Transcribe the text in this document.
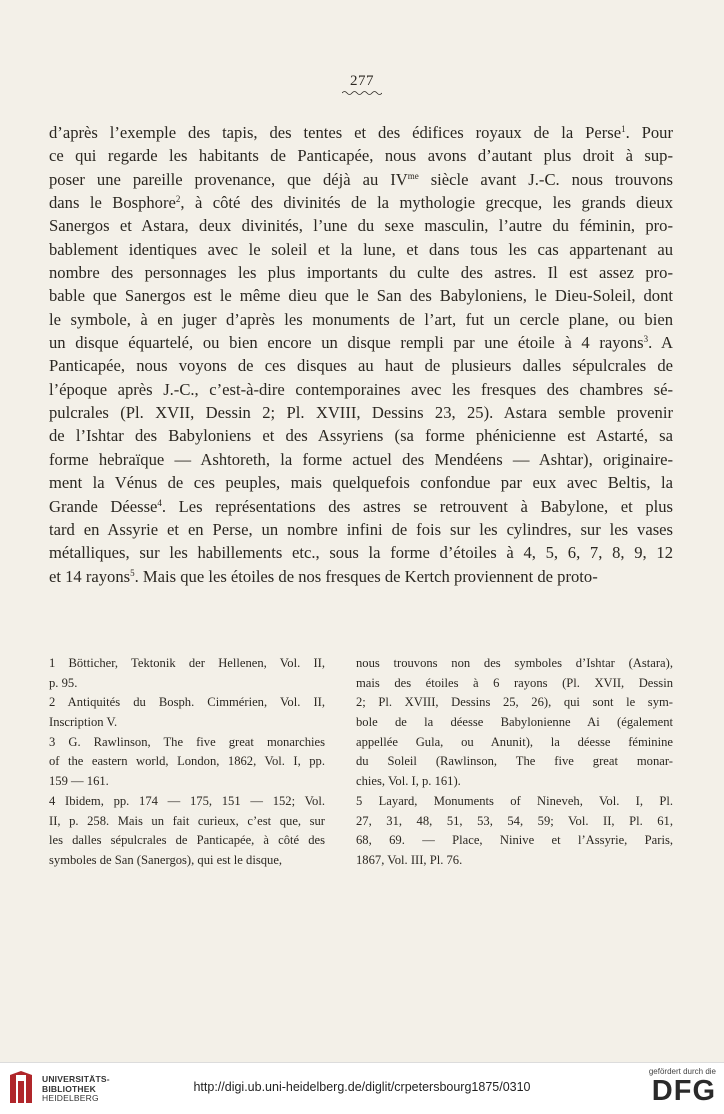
277
d’après l’exemple des tapis, des tentes et des édifices royaux de la Perse$^1$. Pour
ce qui regarde les habitants de Panticapée, nous avons d’autant plus droit à sup-
poser une pareille provenance, que déjà au $IV^{me}$ siècle avant J.-C. nous trouvons
dans le Bosphore$^2$, à côté des divinités de la mythologie grecque, les grands dieux
Sanergos et Astara, deux divinités, l’une du sexe masculin, l’autre du féminin, pro-
bablement identiques avec le soleil et la lune, et dans tous les cas appartenant au
nombre des personnages les plus importants du culte des astres. Il est assez pro-
bable que Sanergos est le même dieu que le San des Babyloniens, le Dieu-Soleil, dont
le symbole, à en juger d’après les monuments de l’art, fut un cercle plane, ou bien
un disque équartelé, ou bien encore un disque rempli par une étoile à 4 rayons$^3$. A
Panticapée, nous voyons de ces disques au haut de plusieurs dalles sépulcrales de
l’époque après J.-C., c’est-à-dire contemporaines avec les fresques des chambres sé-
pulcrales (Pl. XVII, Dessin 2; Pl. XVIII, Dessins 23, 25). Astara semble provenir
de l’Ishtar des Babyloniens et des Assyriens (sa forme phénicienne est Astarté, sa
forme hebraïque — Ashtoreth, la forme actuel des Mendéens — Ashtar), originaire-
ment la Vénus de ces peuples, mais quelquefois confondue par eux avec Beltis, la
Grande Déesse$^4$. Les représentations des astres se retrouvent à Babylone, et plus
tard en Assyrie et en Perse, un nombre infini de fois sur les cylindres, sur les vases
métalliques, sur les habillements etc., sous la forme d’étoiles à 4, 5, 6, 7, 8, 9, 12
et 14 rayons$^5$. Mais que les étoiles de nos fresques de Kertch proviennent de proto-
1 Bötticher, Tektonik der Hellenen, Vol. II,
p. 95.
2 Antiquités du Bosph. Cimmérien, Vol. II,
Inscription V.
3 G. Rawlinson, The five great monarchies
of the eastern world, London, 1862, Vol. I, pp.
159 — 161.
4 Ibidem, pp. 174 — 175, 151 — 152; Vol.
II, p. 258. Mais un fait curieux, c’est que, sur
les dalles sépulcrales de Panticapée, à côté des
symboles de San (Sanergos), qui est le disque,
nous trouvons non des symboles d’Ishtar (Astara),
mais des étoiles à 6 rayons (Pl. XVII, Dessin
2; Pl. XVIII, Dessins 25, 26), qui sont le sym-
bole de la déesse Babylonienne Ai (également
appellée Gula, ou Anunit), la déesse féminine
du Soleil (Rawlinson, The five great monar-
chies, Vol. I, p. 161).
5 Layard, Monuments of Nineveh, Vol. I, Pl.
27, 31, 48, 51, 53, 54, 59; Vol. II, Pl. 61,
68, 69. — Place, Ninive et l’Assyrie, Paris,
1867, Vol. III, Pl. 76.
UNIVERSITÄTS-
BIBLIOTHEK
HEIDELBERG
http://digi.ub.uni-heidelberg.de/diglit/crpetersbourg1875/0310
gefördert durch die
DFG
